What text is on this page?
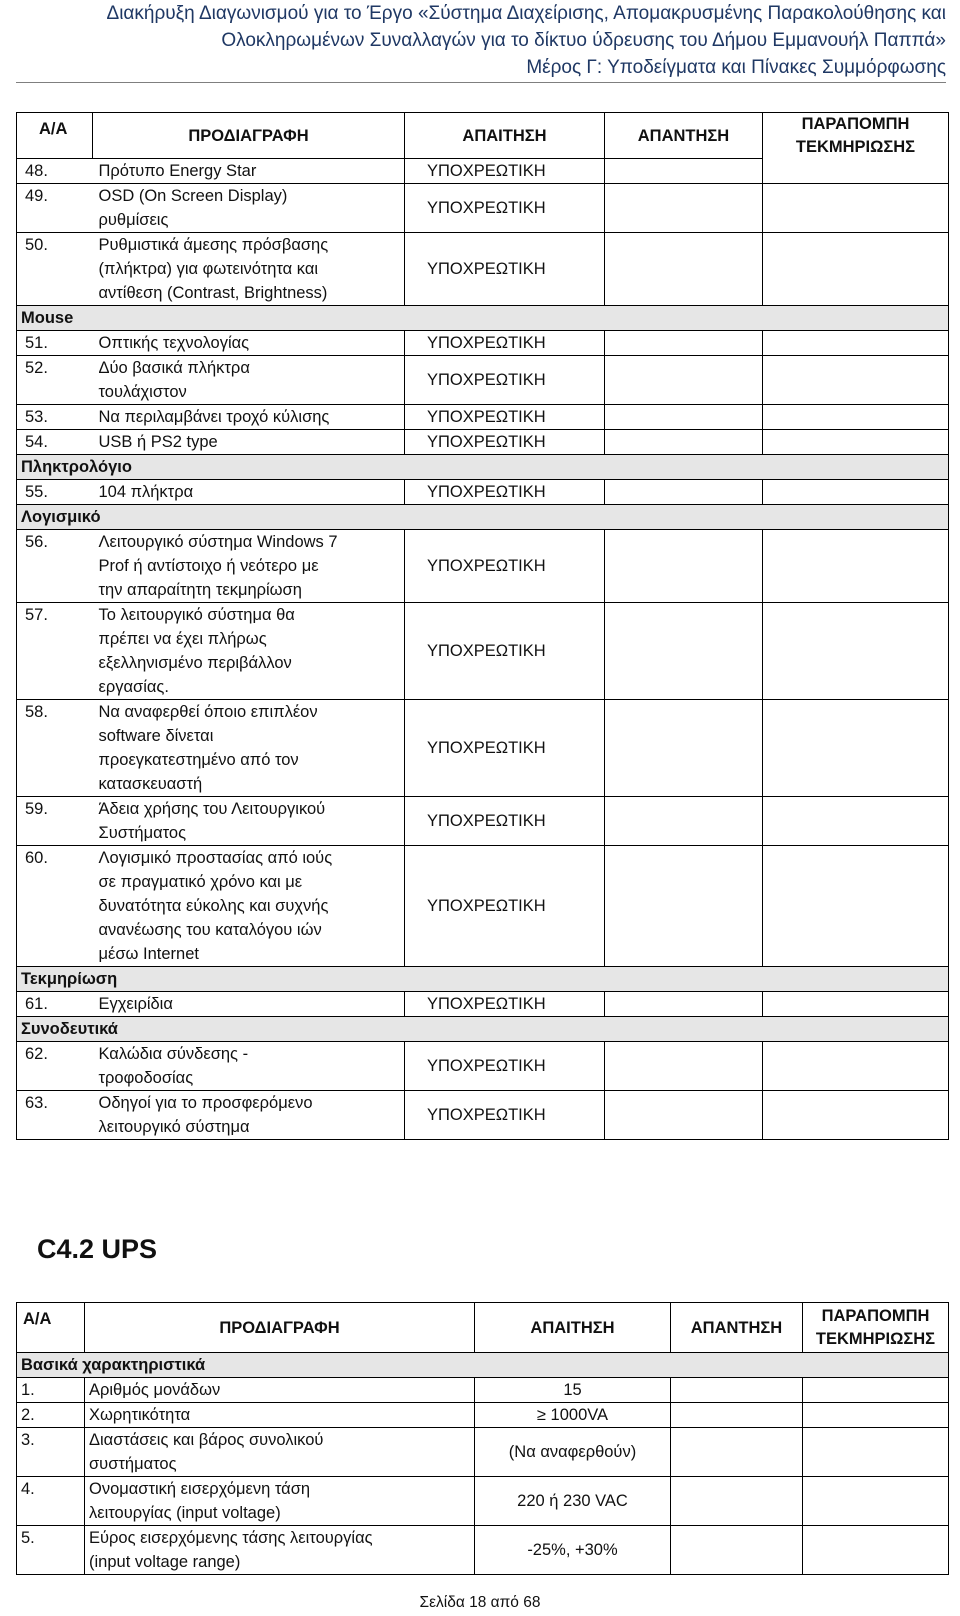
Διακήρυξη Διαγωνισμού για το Έργο «Σύστημα Διαχείρισης, Απομακρυσμένης Παρακολούθησης και
Ολοκληρωμένων Συναλλαγών για το δίκτυο ύδρευσης του Δήμου Εμμανουήλ Παππά»
Μέρος Γ: Υποδείγματα και Πίνακες Συμμόρφωσης
Α/Α	ΠΡΟΔΙΑΓΡΑΦΗ	ΑΠΑΙΤΗΣΗ	ΑΠΑΝΤΗΣΗ	ΠΑΡΑΠΟΜΠΗ
ΤΕΚΜΗΡΙΩΣΗΣ

48.	Πρότυπο Energy Star	ΥΠΟΧΡΕΩΤΙΚΗ		
49.	OSD (On Screen Display)
ρυθμίσεις	ΥΠΟΧΡΕΩΤΙΚΗ		
50.	Ρυθμιστικά άμεσης πρόσβασης
(πλήκτρα) για φωτεινότητα και
αντίθεση (Contrast, Brightness)	ΥΠΟΧΡΕΩΤΙΚΗ		
Mouse				
51.	Οπτικής τεχνολογίας	ΥΠΟΧΡΕΩΤΙΚΗ		
52.	Δύο βασικά πλήκτρα
τουλάχιστον	ΥΠΟΧΡΕΩΤΙΚΗ		
53.	Να περιλαμβάνει τροχό κύλισης	ΥΠΟΧΡΕΩΤΙΚΗ		
54.	USB ή PS2 type	ΥΠΟΧΡΕΩΤΙΚΗ		
Πληκτρολόγιο				
55.	104 πλήκτρα	ΥΠΟΧΡΕΩΤΙΚΗ		
Λογισμικό				
56.	Λειτουργικό σύστημα Windows 7
Prof ή αντίστοιχο ή νεότερο με
την απαραίτητη τεκμηρίωση	ΥΠΟΧΡΕΩΤΙΚΗ		
57.	Το λειτουργικό σύστημα θα
πρέπει να έχει πλήρως
εξελληνισμένο περιβάλλον
εργασίας.	ΥΠΟΧΡΕΩΤΙΚΗ		
58.	Να αναφερθεί όποιο επιπλέον
software δίνεται
προεγκατεστημένο από τον
κατασκευαστή	ΥΠΟΧΡΕΩΤΙΚΗ		
59.	Άδεια χρήσης του Λειτουργικού
Συστήματος	ΥΠΟΧΡΕΩΤΙΚΗ		
60.	Λογισμικό προστασίας από ιούς
σε πραγματικό χρόνο και με
δυνατότητα εύκολης και συχνής
ανανέωσης του καταλόγου ιών
μέσω Internet	ΥΠΟΧΡΕΩΤΙΚΗ		
Τεκμηρίωση				
61.	Εγχειρίδια	ΥΠΟΧΡΕΩΤΙΚΗ		
Συνοδευτικά				
62.	Καλώδια σύνδεσης -
τροφοδοσίας	ΥΠΟΧΡΕΩΤΙΚΗ		
63.	Οδηγοί για το προσφερόμενο
λειτουργικό σύστημα	ΥΠΟΧΡΕΩΤΙΚΗ		
C4.2 UPS
Α/Α	ΠΡΟΔΙΑΓΡΑΦΗ	ΑΠΑΙΤΗΣΗ	ΑΠΑΝΤΗΣΗ	ΠΑΡΑΠΟΜΠΗ
ΤΕΚΜΗΡΙΩΣΗΣ

Βασικά χαρακτηριστικά				
1.	Αριθμός μονάδων	15		
2.	Χωρητικότητα	≥ 1000VA		
3.	Διαστάσεις και βάρος συνολικού
συστήματος	(Να αναφερθούν)		
4.	Ονομαστική εισερχόμενη τάση
λειτουργίας (input voltage)	220 ή 230 VAC		
5.	Εύρος εισερχόμενης τάσης λειτουργίας
(input voltage range)	-25%, +30%		
Σελίδα 18 από 68
